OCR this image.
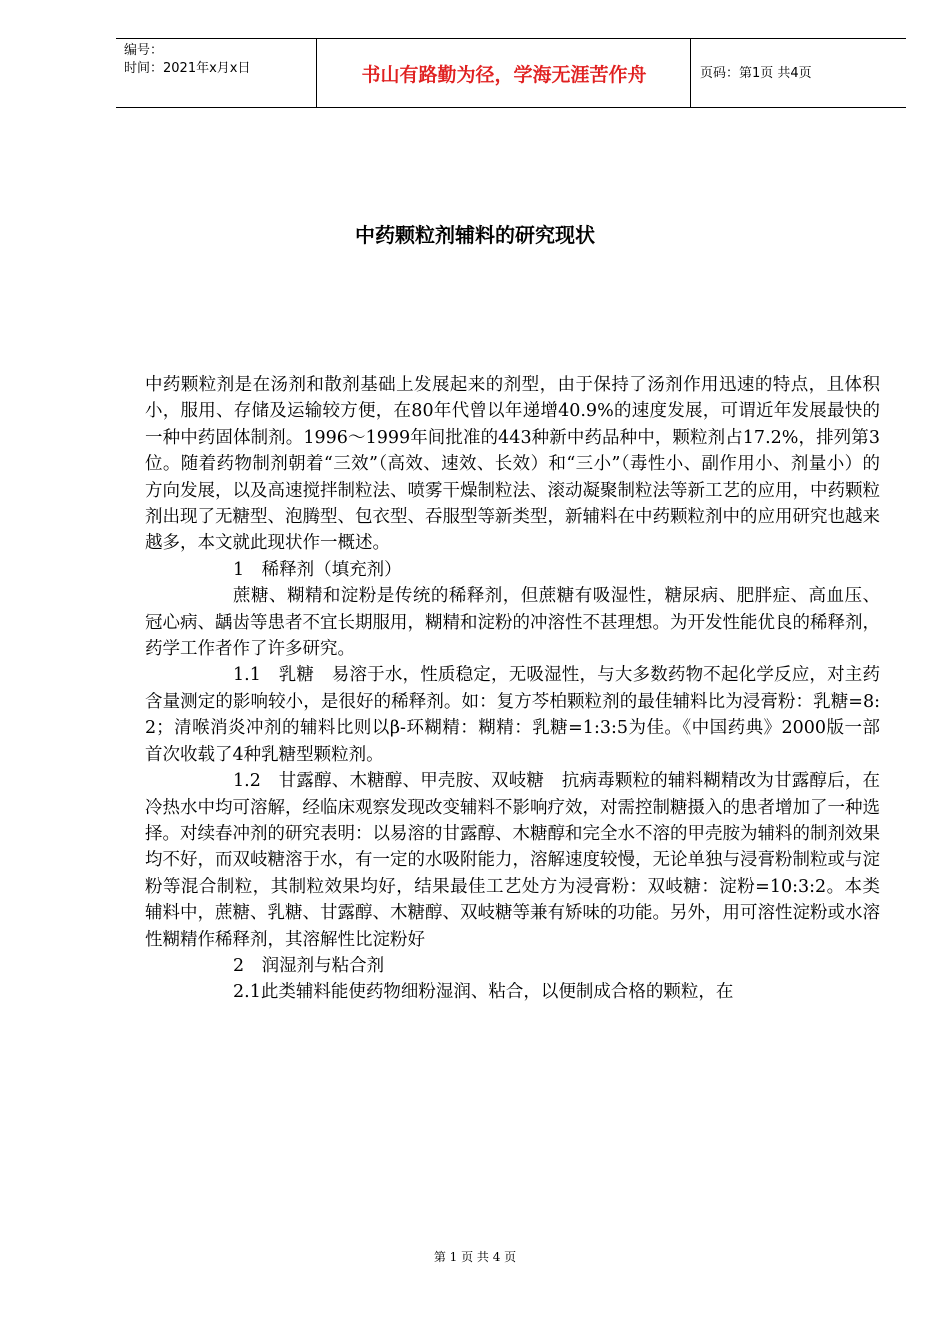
编号：
时间：2021年x月x日	书山有路勤为径，学海无涯苦作舟	页码：第1页 共4页
中药颗粒剂辅料的研究现状

中药颗粒剂是在汤剂和散剂基础上发展起来的剂型，由于保持了汤剂作用迅速的特点，且体积小，服用、存储及运输较方便，在80年代曾以年递增40.9%的速度发展，可谓近年发展最快的一种中药固体制剂。1996～1999年间批准的443种新中药品种中，颗粒剂占17.2%，排列第3位。随着药物制剂朝着“三效”（高效、速效、长效）和“三小”（毒性小、副作用小、剂量小）的方向发展，以及高速搅拌制粒法、喷雾干燥制粒法、滚动凝聚制粒法等新工艺的应用，中药颗粒剂出现了无糖型、泡腾型、包衣型、吞服型等新类型，新辅料在中药颗粒剂中的应用研究也越来越多，本文就此现状作一概述。

1　稀释剂（填充剂）

蔗糖、糊精和淀粉是传统的稀释剂，但蔗糖有吸湿性，糖尿病、肥胖症、高血压、冠心病、龋齿等患者不宜长期服用，糊精和淀粉的冲溶性不甚理想。为开发性能优良的稀释剂，药学工作者作了许多研究。

1.1　乳糖　易溶于水，性质稳定，无吸湿性，与大多数药物不起化学反应，对主药含量测定的影响较小，是很好的稀释剂。如：复方芩柏颗粒剂的最佳辅料比为浸膏粉：乳糖=8:2；清喉消炎冲剂的辅料比则以β-环糊精：糊精：乳糖=1:3:5为佳。《中国药典》2000版一部首次收载了4种乳糖型颗粒剂。

1.2　甘露醇、木糖醇、甲壳胺、双岐糖　抗病毒颗粒的辅料糊精改为甘露醇后，在冷热水中均可溶解，经临床观察发现改变辅料不影响疗效，对需控制糖摄入的患者增加了一种选择。对续春冲剂的研究表明：以易溶的甘露醇、木糖醇和完全水不溶的甲壳胺为辅料的制剂效果均不好，而双岐糖溶于水，有一定的水吸附能力，溶解速度较慢，无论单独与浸膏粉制粒或与淀粉等混合制粒，其制粒效果均好，结果最佳工艺处方为浸膏粉：双岐糖：淀粉=10:3:2。本类辅料中，蔗糖、乳糖、甘露醇、木糖醇、双岐糖等兼有矫味的功能。另外，用可溶性淀粉或水溶性糊精作稀释剂，其溶解性比淀粉好

2　润湿剂与粘合剂

2.1此类辅料能使药物细粉湿润、粘合，以便制成合格的颗粒，在

第 1 页 共 4 页
